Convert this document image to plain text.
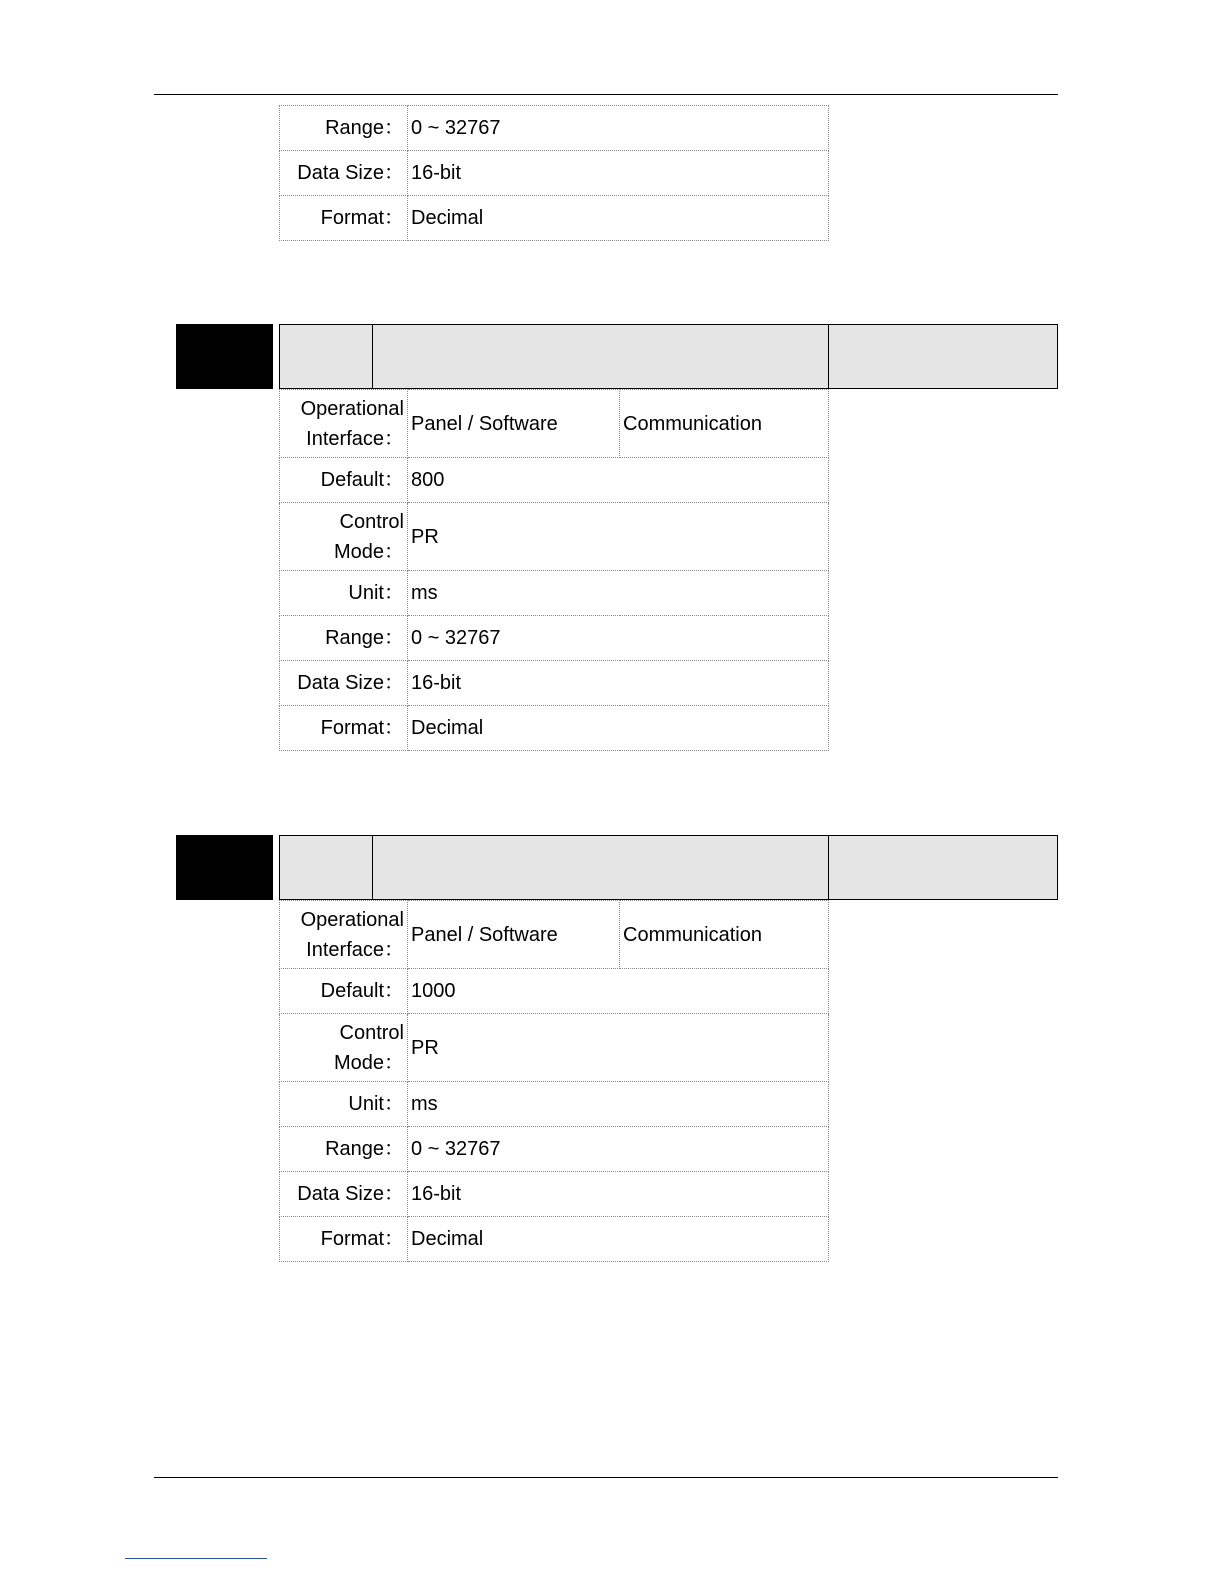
Range：	0 ~ 32767
Data Size：	16-bit
Format：	Decimal
Operational
Interface：	Panel / Software	Communication
Default：	800	

Control
Mode：	PR	
Unit：	ms	
Range：	0 ~ 32767	
Data Size：	16-bit	
Format：	Decimal	
Operational
Interface：	Panel / Software	Communication
Default：	1000	

Control
Mode：	PR	
Unit：	ms	
Range：	0 ~ 32767	
Data Size：	16-bit	
Format：	Decimal	
